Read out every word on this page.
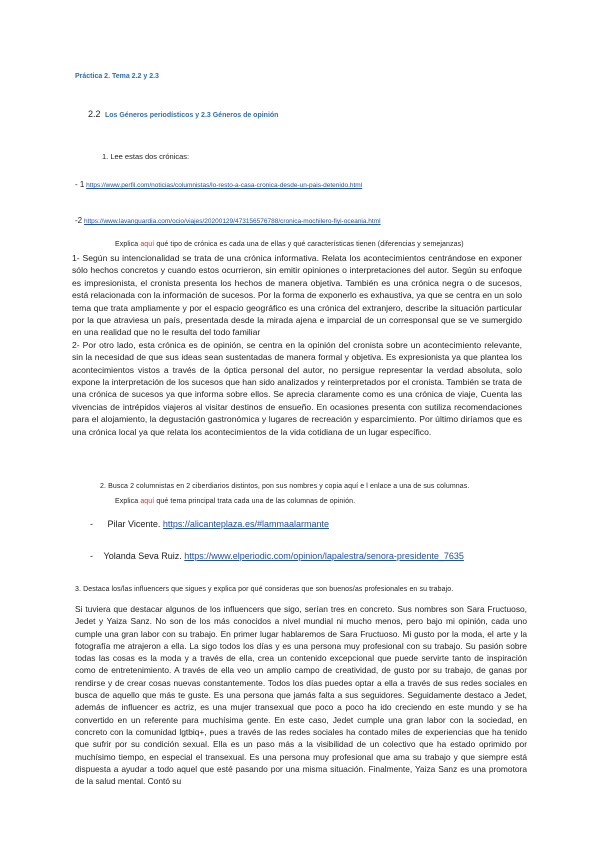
Práctica 2. Tema 2.2 y 2.3
2.2 Los Géneros periodísticos y 2.3 Géneros de opinión
1. Lee estas dos crónicas:
- 1 https://www.perfil.com/noticias/columnistas/lo-resto-a-casa-cronica-desde-un-pais-detenido.html
-2 https://www.lavanguardia.com/ocio/viajes/20200129/473156576788/cronica-mochilero-fiyi-oceania.html
Explica aquí qué tipo de crónica es cada una de ellas y qué características tienen (diferencias y semejanzas)

1- Según su intencionalidad se trata de una crónica informativa. Relata los acontecimientos centrándose en exponer sólo hechos concretos y cuando estos ocurrieron, sin emitir opiniones o interpretaciones del autor. Según su enfoque es impresionista, el cronista presenta los hechos de manera objetiva. También es una crónica negra o de sucesos, está relacionada con la información de sucesos. Por la forma de exponerlo es exhaustiva, ya que se centra en un solo tema que trata ampliamente y por el espacio geográfico es una crónica del extranjero, describe la situación particular por la que atraviesa un país, presentada desde la mirada ajena e imparcial de un corresponsal que se ve sumergido en una realidad que no le resulta del todo familiar

2- Por otro lado, esta crónica es de opinión, se centra en la opinión del cronista sobre un acontecimiento relevante, sin la necesidad de que sus ideas sean sustentadas de manera formal y objetiva. Es expresionista ya que plantea los acontecimientos vistos a través de la óptica personal del autor, no persigue representar la verdad absoluta, solo expone la interpretación de los sucesos que han sido analizados y reinterpretados por el cronista. También se trata de una crónica de sucesos ya que informa sobre ellos. Se aprecia claramente como es una crónica de viaje, Cuenta las vivencias de intrépidos viajeros al visitar destinos de ensueño. En ocasiones presenta con sutiliza recomendaciones para el alojamiento, la degustación gastronómica y lugares de recreación y esparcimiento. Por último diríamos que es una crónica local ya que relata los acontecimientos de la vida cotidiana de un lugar específico.

2. Busca 2 columnistas en 2 ciberdiarios distintos, pon sus nombres y copia aquí e l enlace a una de sus columnas.
Explica aquí qué tema principal trata cada una de las columnas de opinión.
- Pilar Vicente. https://alicanteplaza.es/#lammaalarmante
- Yolanda Seva Ruiz. https://www.elperiodic.com/opinion/lapalestra/senora-presidente_7635
3. Destaca los/las influencers que sigues y explica por qué consideras que son buenos/as profesionales en su trabajo.
Si tuviera que destacar algunos de los influencers que sigo, serían tres en concreto. Sus nombres son Sara Fructuoso, Jedet y Yaiza Sanz. No son de los más conocidos a nivel mundial ni mucho menos, pero bajo mi opinión, cada uno cumple una gran labor con su trabajo. En primer lugar hablaremos de Sara Fructuoso. Mi gusto por la moda, el arte y la fotografía me atrajeron a ella. La sigo todos los días y es una persona muy profesional con su trabajo. Su pasión sobre todas las cosas es la moda y a través de ella, crea un contenido excepcional que puede servirte tanto de inspiración como de entretenimiento. A través de ella veo un amplio campo de creatividad, de gusto por su trabajo, de ganas por rendirse y de crear cosas nuevas constantemente. Todos los días puedes optar a ella a través de sus redes sociales en busca de aquello que más te guste. Es una persona que jamás falta a sus seguidores. Seguidamente destaco a Jedet, además de influencer es actriz, es una mujer transexual que poco a poco ha ido creciendo en este mundo y se ha convertido en un referente para muchísima gente. En este caso, Jedet cumple una gran labor con la sociedad, en concreto con la comunidad lgtbiq+, pues a través de las redes sociales ha contado miles de experiencias que ha tenido que sufrir por su condición sexual. Ella es un paso más a la visibilidad de un colectivo que ha estado oprimido por muchísimo tiempo, en especial el transexual. Es una persona muy profesional que ama su trabajo y que siempre está dispuesta a ayudar a todo aquel que esté pasando por una misma situación. Finalmente, Yaiza Sanz es una promotora de la salud mental. Contó su
